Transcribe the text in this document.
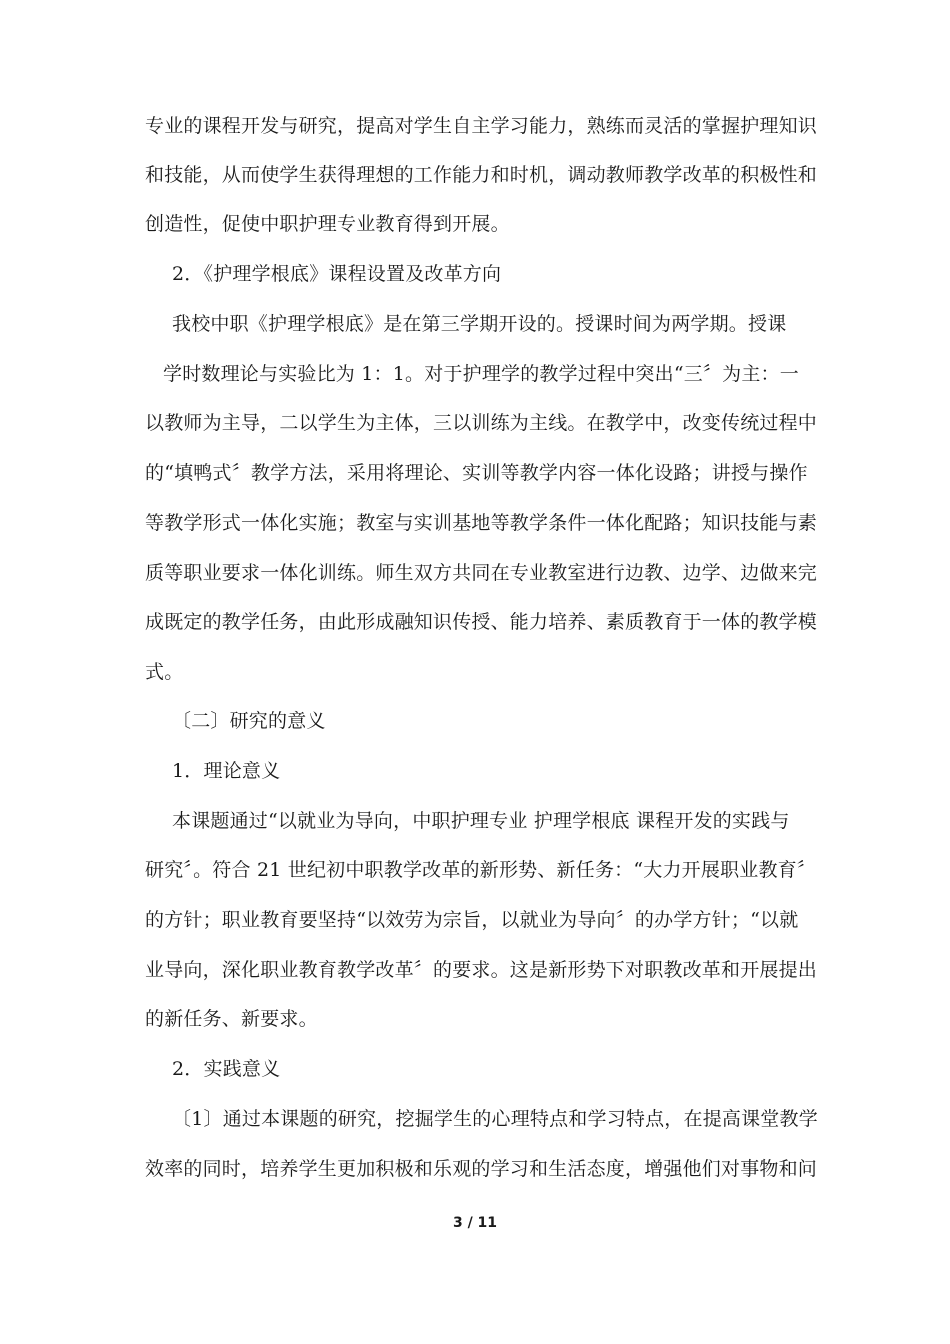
专业的课程开发与研究，提高对学生自主学习能力，熟练而灵活的掌握护理知识
和技能，从而使学生获得理想的工作能力和时机，调动教师教学改革的积极性和
创造性，促使中职护理专业教育得到开展。
2．《护理学根底》课程设置及改革方向
我校中职《护理学根底》是在第三学期开设的。授课时间为两学期。授课
学时数理论与实验比为 1：1。对于护理学的教学过程中突出“三〞为主：一
以教师为主导，二以学生为主体，三以训练为主线。在教学中，改变传统过程中
的“填鸭式〞教学方法，采用将理论、实训等教学内容一体化设路；讲授与操作
等教学形式一体化实施；教室与实训基地等教学条件一体化配路；知识技能与素
质等职业要求一体化训练。师生双方共同在专业教室进行边教、边学、边做来完
成既定的教学任务，由此形成融知识传授、能力培养、素质教育于一体的教学模
式。
〔二〕研究的意义
1．理论意义
本课题通过“以就业为导向，中职护理专业 护理学根底 课程开发的实践与
研究〞。符合 21 世纪初中职教学改革的新形势、新任务：“大力开展职业教育〞
的方针；职业教育要坚持“以效劳为宗旨，以就业为导向〞的办学方针；“以就
业导向，深化职业教育教学改革〞的要求。这是新形势下对职教改革和开展提出
的新任务、新要求。
2．实践意义
〔1〕通过本课题的研究，挖掘学生的心理特点和学习特点，在提高课堂教学
效率的同时，培养学生更加积极和乐观的学习和生活态度，增强他们对事物和问
3 / 11
